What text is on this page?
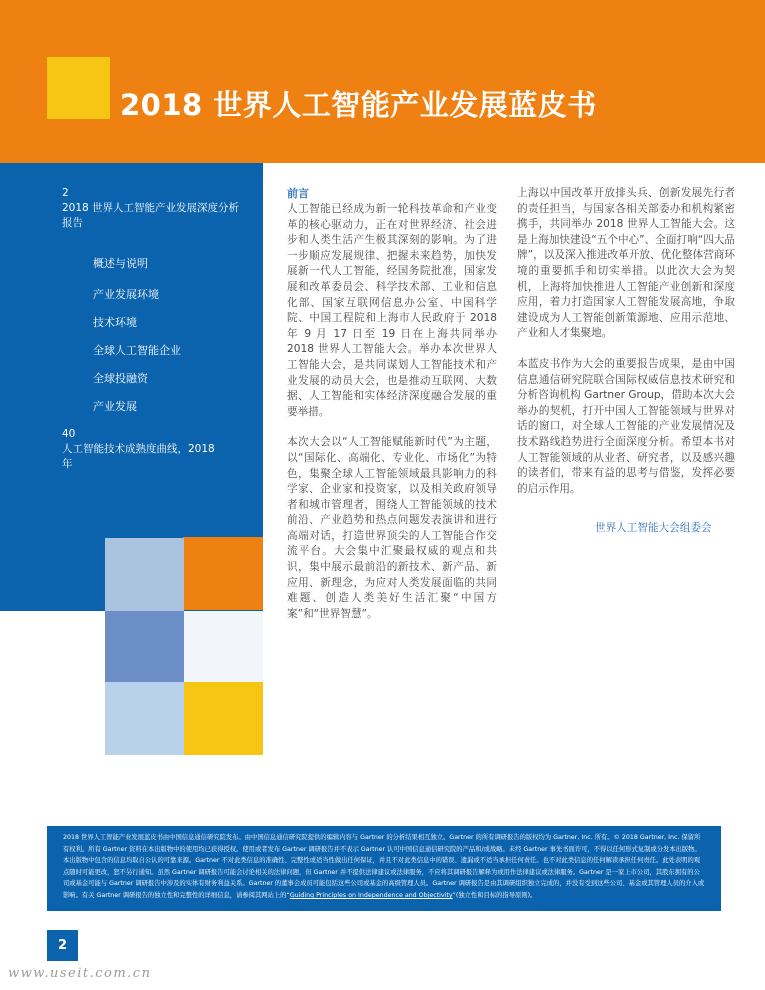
2018 世界人工智能产业发展蓝皮书
2
2018 世界人工智能产业发展深度分析报告
概述与说明
产业发展环境
技术环境
全球人工智能企业
全球投融资
产业发展
40
人工智能技术成熟度曲线，2018 年
前言

人工智能已经成为新一轮科技革命和产业变革的核心驱动力，正在对世界经济、社会进步和人类生活产生极其深刻的影响。为了进一步顺应发展规律、把握未来趋势，加快发展新一代人工智能，经国务院批准，国家发展和改革委员会、科学技术部、工业和信息化部、国家互联网信息办公室、中国科学院、中国工程院和上海市人民政府于 2018 年 9 月 17 日至 19 日在上海共同举办 2018 世界人工智能大会。举办本次世界人工智能大会，是共同谋划人工智能技术和产业发展的动员大会，也是推动互联网、大数据、人工智能和实体经济深度融合发展的重要举措。

本次大会以“人工智能赋能新时代”为主题，以“国际化、高端化、专业化、市场化”为特色，集聚全球人工智能领域最具影响力的科学家、企业家和投资家，以及相关政府领导者和城市管理者，围绕人工智能领域的技术前沿、产业趋势和热点问题发表演讲和进行高端对话，打造世界顶尖的人工智能合作交流平台。大会集中汇聚最权威的观点和共识，集中展示最前沿的新技术、新产品、新应用、新理念，为应对人类发展面临的共同难题、创造人类美好生活汇聚“中国方案”和“世界智慧”。

上海以中国改革开放排头兵、创新发展先行者的责任担当，与国家各相关部委办和机构紧密携手，共同举办 2018 世界人工智能大会。这是上海加快建设“五个中心”、全面打响“四大品牌”，以及深入推进改革开放、优化整体营商环境的重要抓手和切实举措。以此次大会为契机，上海将加快推进人工智能产业创新和深度应用，着力打造国家人工智能发展高地，争取建设成为人工智能创新策源地、应用示范地、产业和人才集聚地。

本蓝皮书作为大会的重要报告成果，是由中国信息通信研究院联合国际权威信息技术研究和分析咨询机构 Gartner Group，借助本次大会举办的契机，打开中国人工智能领域与世界对话的窗口，对全球人工智能的产业发展情况及技术路线趋势进行全面深度分析。希望本书对人工智能领域的从业者、研究者，以及感兴趣的读者们，带来有益的思考与借鉴，发挥必要的启示作用。

世界人工智能大会组委会
2018 世界人工智能产业发展蓝皮书由中国信息通信研究院发布。由中国信息通信研究院提供的编辑内容与 Gartner 的分析结果相互独立。Gartner 的所有调研报告的版权均为 Gartner, Inc. 所有。© 2018 Gartner, Inc. 保留所有权利。所有 Gartner 资料在本出版物中的使用均已获得授权。使用或者发布 Gartner 调研报告并不表示 Gartner 认可中国信息通信研究院的产品和/或战略。未经 Gartner 事先书面许可，不得以任何形式复制或分发本出版物。本出版物中包含的信息均取自公认的可靠来源。Gartner 不对此类信息的准确性、完整性或适当性做出任何保证，并且不对此类信息中的错误、遗漏或不适当承担任何责任。也不对此类信息的任何解读承担任何责任。此处表明的观点随时可能更改，恕不另行通知。虽然 Gartner 调研报告可能会讨论相关的法律问题，但 Gartner 并不提供法律建议或法律服务，不应将其调研报告解释为或用作法律建议或法律服务。Gartner 是一家上市公司，其股东拥有的公司或基金可能与 Gartner 调研报告中涉及的实体有财务利益关系。Gartner 的董事会成员可能包括这些公司或基金的高级管理人员。Gartner 调研报告是由其调研组织独立完成的，并没有受到这些公司、基金或其管理人员的介入或影响。有关 Gartner 调研报告的独立性和完整性的详细信息，请参阅其网站上的“Guiding Principles on Independence and Objectivity”(独立性和目标的指导原则)。
2
www.useit.com.cn
